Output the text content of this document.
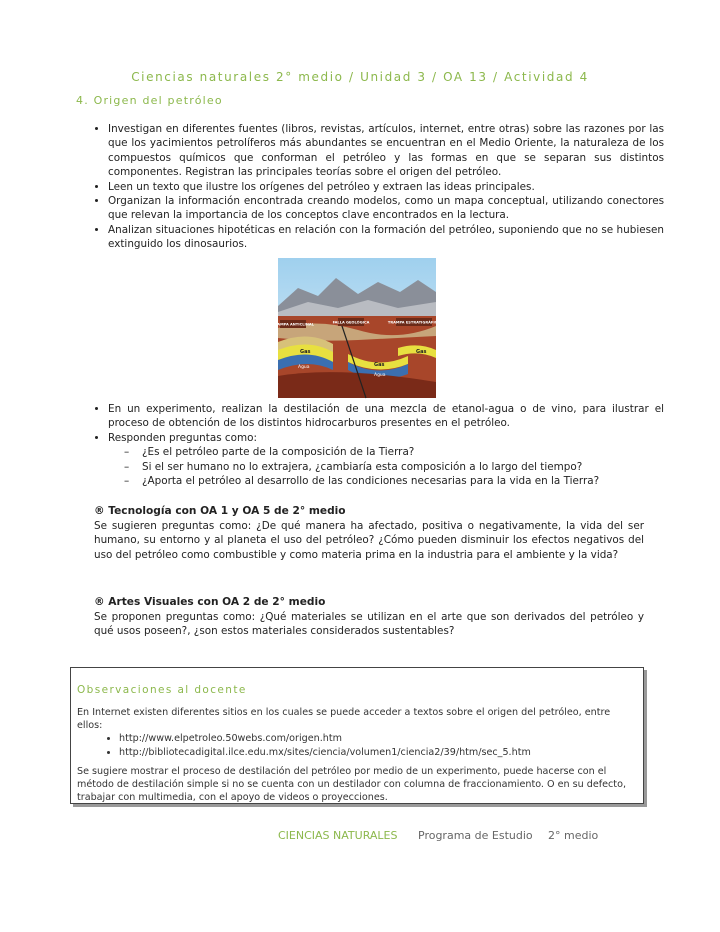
Ciencias naturales 2° medio / Unidad 3 / OA 13 / Actividad 4
4. Origen del petróleo
• Investigan en diferentes fuentes (libros, revistas, artículos, internet, entre otras) sobre las razones por las que los yacimientos petrolíferos más abundantes se encuentran en el Medio Oriente, la naturaleza de los compuestos químicos que conforman el petróleo y las formas en que se separan sus distintos componentes. Registran las principales teorías sobre el origen del petróleo.
• Leen un texto que ilustre los orígenes del petróleo y extraen las ideas principales.
• Organizan la información encontrada creando modelos, como un mapa conceptual, utilizando conectores que relevan la importancia de los conceptos clave encontrados en la lectura.
• Analizan situaciones hipotéticas en relación con la formación del petróleo, suponiendo que no se hubiesen extinguido los dinosaurios.
TRAMPA ANTICLINAL	FALLA GEOLÓGICA	TRAMPA ESTRATIGRÁFICA
Gas
Gas
Gas
Agua
Agua
• En un experimento, realizan la destilación de una mezcla de etanol-agua o de vino, para ilustrar el proceso de obtención de los distintos hidrocarburos presentes en el petróleo.
• Responden preguntas como:
– ¿Es el petróleo parte de la composición de la Tierra?
– Si el ser humano no lo extrajera, ¿cambiaría esta composición a lo largo del tiempo?
– ¿Aporta el petróleo al desarrollo de las condiciones necesarias para la vida en la Tierra?
® Tecnología con OA 1 y OA 5 de 2° medio

Se sugieren preguntas como: ¿De qué manera ha afectado, positiva o negativamente, la vida del ser humano, su entorno y al planeta el uso del petróleo? ¿Cómo pueden disminuir los efectos negativos del uso del petróleo como combustible y como materia prima en la industria para el ambiente y la vida?

® Artes Visuales con OA 2 de 2° medio

Se proponen preguntas como: ¿Qué materiales se utilizan en el arte que son derivados del petróleo y qué usos poseen?, ¿son estos materiales considerados sustentables?

Observaciones al docente

En Internet existen diferentes sitios en los cuales se puede acceder a textos sobre el origen del petróleo, entre ellos:

• http://www.elpetroleo.50webs.com/origen.htm
• http://bibliotecadigital.ilce.edu.mx/sites/ciencia/volumen1/ciencia2/39/htm/sec_5.htm

Se sugiere mostrar el proceso de destilación del petróleo por medio de un experimento, puede hacerse con el método de destilación simple si no se cuenta con un destilador con columna de fraccionamiento. O en su defecto, trabajar con multimedia, con el apoyo de videos o proyecciones.

CIENCIAS NATURALES Programa de Estudio 2° medio
